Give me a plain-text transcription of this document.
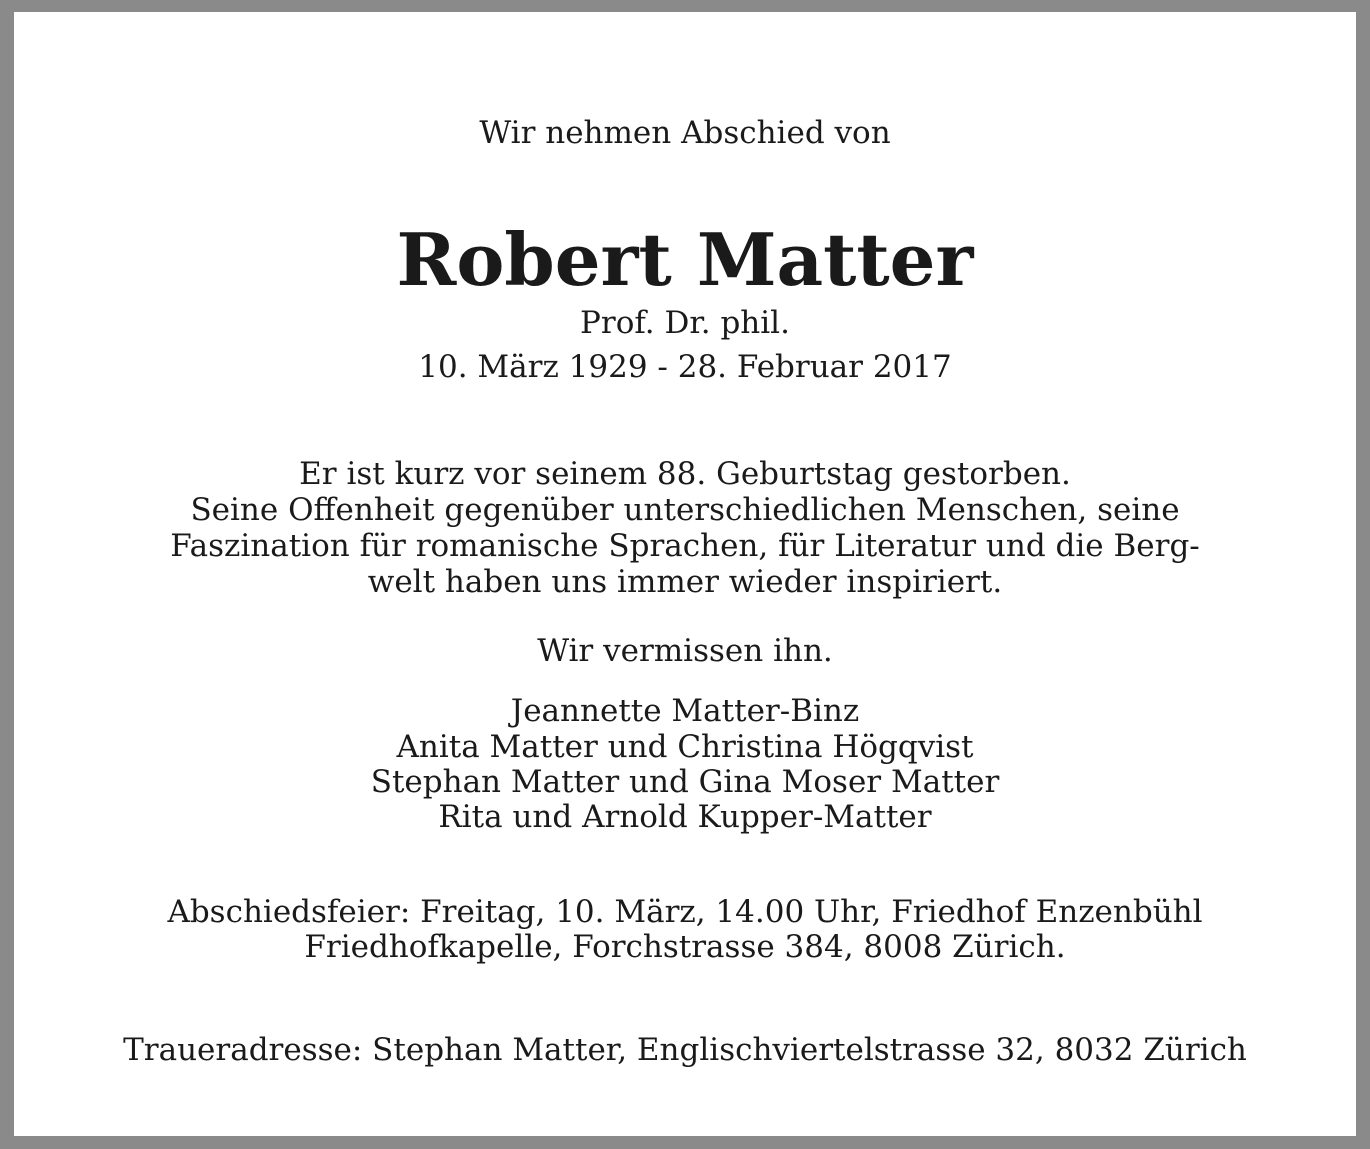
Wir nehmen Abschied von
Robert Matter
Prof. Dr. phil.
10. März 1929 - 28. Februar 2017
Er ist kurz vor seinem 88. Geburtstag gestorben.
Seine Offenheit gegenüber unterschiedlichen Menschen, seine
Faszination für romanische Sprachen, für Literatur und die Berg-
welt haben uns immer wieder inspiriert.
Wir vermissen ihn.
Jeannette Matter-Binz
Anita Matter und Christina Högqvist
Stephan Matter und Gina Moser Matter
Rita und Arnold Kupper-Matter
Abschiedsfeier: Freitag, 10. März, 14.00 Uhr, Friedhof Enzenbühl
Friedhofkapelle, Forchstrasse 384, 8008 Zürich.
Traueradresse: Stephan Matter, Englischviertelstrasse 32, 8032 Zürich
